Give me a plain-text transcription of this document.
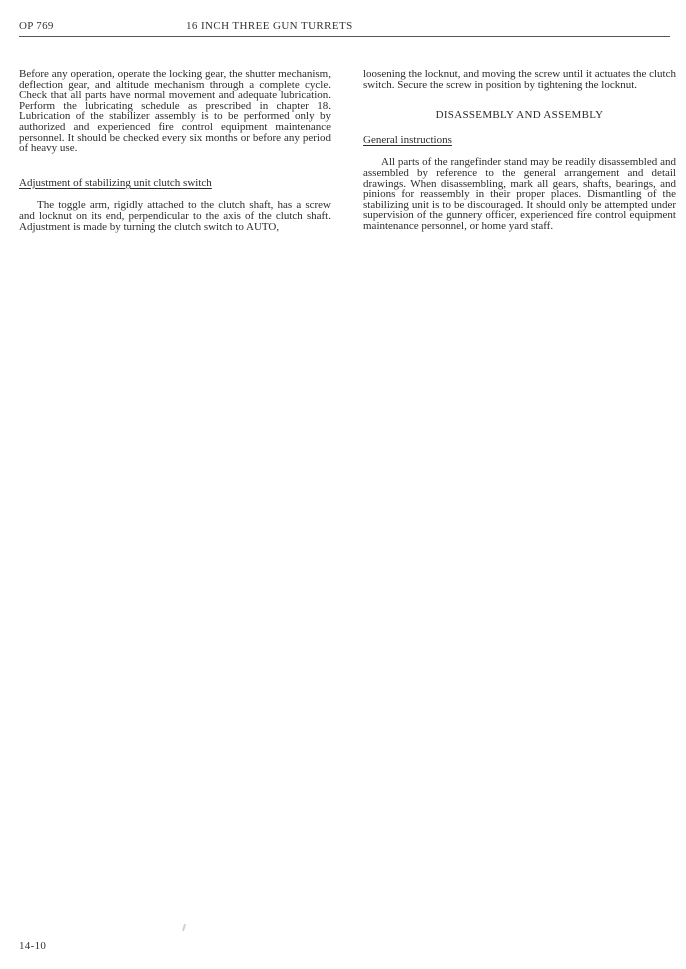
OP 769	16 INCH THREE GUN TURRETS

Before any operation, operate the locking gear, the shutter mechanism, deflection gear, and altitude mechanism through a complete cycle. Check that all parts have normal movement and adequate lubrication. Perform the lubricating schedule as prescribed in chapter 18. Lubrication of the stabilizer assembly is to be performed only by authorized and experienced fire control equipment maintenance personnel. It should be checked every six months or before any period of heavy use.

Adjustment of stabilizing unit clutch switch

The toggle arm, rigidly attached to the clutch shaft, has a screw and locknut on its end, perpendicular to the axis of the clutch shaft. Adjustment is made by turning the clutch switch to AUTO,

loosening the locknut, and moving the screw until it actuates the clutch switch. Secure the screw in position by tightening the locknut.

DISASSEMBLY AND ASSEMBLY

General instructions

All parts of the rangefinder stand may be readily disassembled and assembled by reference to the general arrangement and detail drawings. When disassembling, mark all gears, shafts, bearings, and pinions for reassembly in their proper places. Dismantling of the stabilizing unit is to be discouraged. It should only be attempted under supervision of the gunnery officer, experienced fire control equipment maintenance personnel, or home yard staff.

14-10
